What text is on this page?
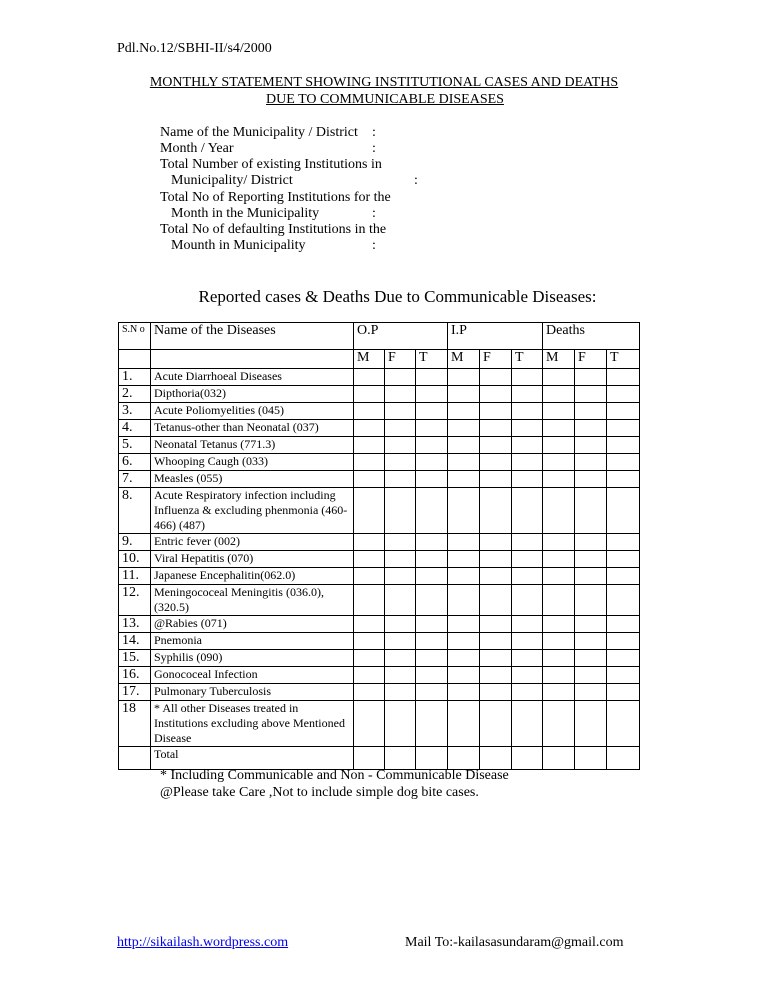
Pdl.No.12/SBHI-II/s4/2000
MONTHLY STATEMENT SHOWING INSTITUTIONAL CASES AND DEATHS
DUE TO COMMUNICABLE DISEASES
Name of the Municipality / District :
Month / Year	:
Total Number of existing Institutions in
Municipality/ District	:
Total No of Reporting Institutions for the
Month in the Municipality	:
Total No of defaulting Institutions in the
Mounth in Municipality	:
Reported cases & Deaths Due to Communicable Diseases:
S.N o	Name of the Diseases	O.P			I.P			Deaths		
		M	F	T	M	F	T	M	F	T
1.	Acute Diarrhoeal Diseases									
2.	Dipthoria(032)									
3.	Acute Poliomyelities (045)									
4.	Tetanus-other than Neonatal (037)									
5.	Neonatal Tetanus (771.3)									
6.	Whooping Caugh (033)									
7.	Measles (055)									
8.	Acute Respiratory infection including Influenza & excluding phenmonia (460-466) (487)									
9.	Entric fever (002)									
10.	Viral Hepatitis (070)									
11.	Japanese Encephalitin(062.0)									
12.	Meningococeal Meningitis (036.0),(320.5)									
13.	@Rabies (071)									
14.	Pnemonia									
15.	Syphilis (090)									
16.	Gonococeal Infection									
17.	Pulmonary Tuberculosis									
18	* All other Diseases treated in Institutions excluding above Mentioned Disease									
	Total									
* Including Communicable and Non - Communicable Disease
@Please take Care ,Not to include simple dog bite cases.
http://sikailash.wordpress.com	Mail To:-kailasasundaram@gmail.com
